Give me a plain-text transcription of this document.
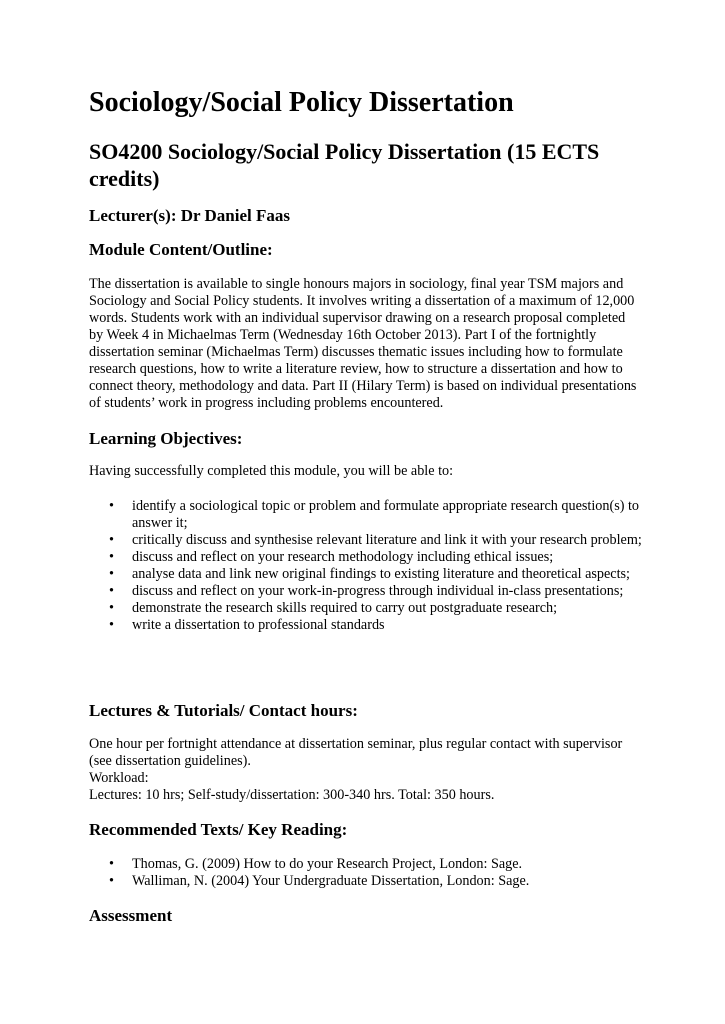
Sociology/Social Policy Dissertation
SO4200 Sociology/Social Policy Dissertation (15 ECTS credits)
Lecturer(s): Dr Daniel Faas
Module Content/Outline:

The dissertation is available to single honours majors in sociology, final year TSM majors and Sociology and Social Policy students. It involves writing a dissertation of a maximum of 12,000 words. Students work with an individual supervisor drawing on a research proposal completed by Week 4 in Michaelmas Term (Wednesday 16th October 2013). Part I of the fortnightly dissertation seminar (Michaelmas Term) discusses thematic issues including how to formulate research questions, how to write a literature review, how to structure a dissertation and how to connect theory, methodology and data. Part II (Hilary Term) is based on individual presentations of students’ work in progress including problems encountered.

Learning Objectives:

Having successfully completed this module, you will be able to:

• identify a sociological topic or problem and formulate appropriate research question(s) to answer it;
• critically discuss and synthesise relevant literature and link it with your research problem;
• discuss and reflect on your research methodology including ethical issues;
• analyse data and link new original findings to existing literature and theoretical aspects;
• discuss and reflect on your work-in-progress through individual in-class presentations;
• demonstrate the research skills required to carry out postgraduate research;
• write a dissertation to professional standards
Lectures & Tutorials/ Contact hours:

One hour per fortnight attendance at dissertation seminar, plus regular contact with supervisor (see dissertation guidelines).

Workload:

Lectures: 10 hrs; Self-study/dissertation: 300-340 hrs. Total: 350 hours.

Recommended Texts/ Key Reading:
• Thomas, G. (2009) How to do your Research Project, London: Sage.
• Walliman, N. (2004) Your Undergraduate Dissertation, London: Sage.
Assessment
